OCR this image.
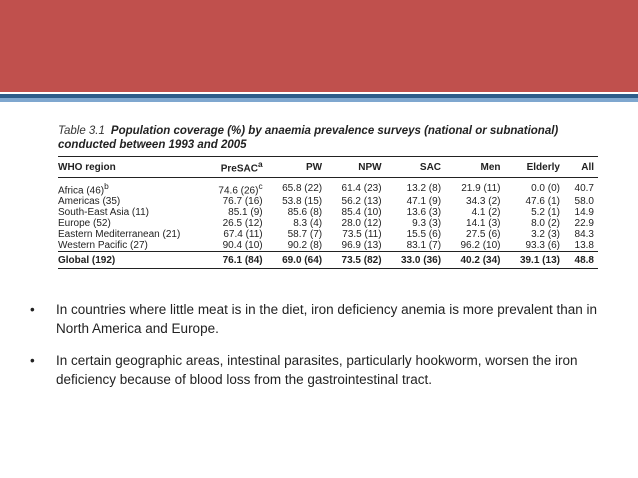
Table 3.1 Population coverage (%) by anaemia prevalence surveys (national or subnational) conducted between 1993 and 2005
WHO region	PreSAC$^a$	PW	NPW	SAC	Men	Elderly	All
Africa $(46)^b$	74.6 $(26)^c$	65.8 (22)	61.4 (23)	13.2 (8)	21.9 (11)	0.0 (0)	40.7
Americas (35)	76.7 (16)	53.8 (15)	56.2 (13)	47.1 (9)	34.3 (2)	47.6 (1)	58.0
South-East Asia (11)	85.1 (9)	85.6 (8)	85.4 (10)	13.6 (3)	4.1 (2)	5.2 (1)	14.9
Europe (52)	26.5 (12)	8.3 (4)	28.0 (12)	9.3 (3)	14.1 (3)	8.0 (2)	22.9
Eastern Mediterranean (21)	67.4 (11)	58.7 (7)	73.5 (11)	15.5 (6)	27.5 (6)	3.2 (3)	84.3
Western Pacific (27)	90.4 (10)	90.2 (8)	96.9 (13)	83.1 (7)	96.2 (10)	93.3 (6)	13.8
Global (192)	76.1 (84)	69.0 (64)	73.5 (82)	33.0 (36)	40.2 (34)	39.1 (13)	48.8
• In countries where little meat is in the diet, iron deficiency anemia is more prevalent than in North America and Europe.
• In certain geographic areas, intestinal parasites, particularly hookworm, worsen the iron deficiency because of blood loss from the gastrointestinal tract.
